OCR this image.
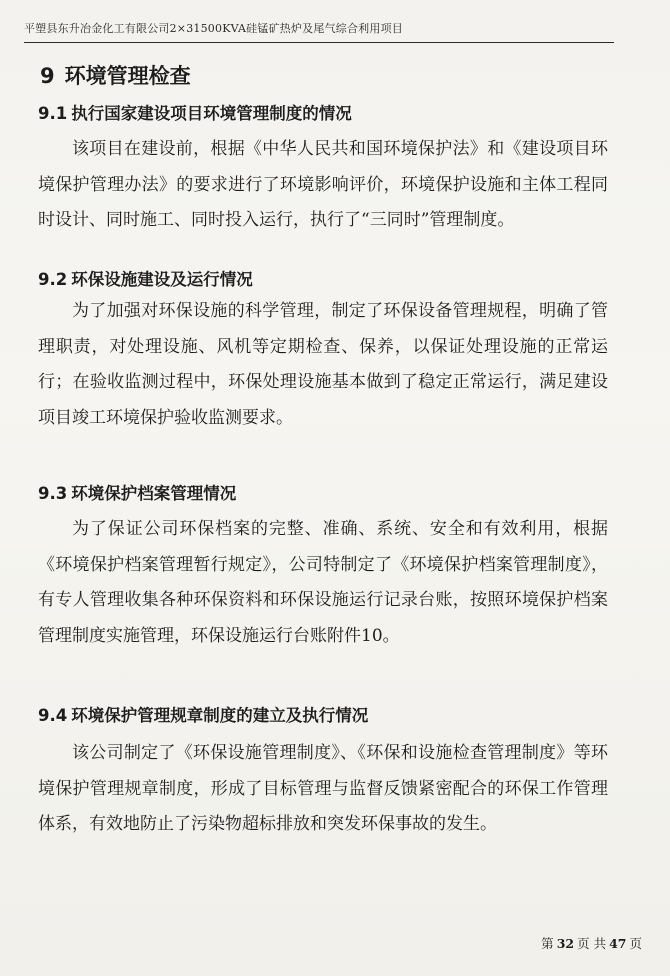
平塑县东升冶金化工有限公司2×31500KVA硅锰矿热炉及尾气综合利用项目
9 环境管理检查
9.1 执行国家建设项目环境管理制度的情况
该项目在建设前，根据《中华人民共和国环境保护法》和《建设项目环境保护管理办法》的要求进行了环境影响评价，环境保护设施和主体工程同时设计、同时施工、同时投入运行，执行了“三同时”管理制度。
9.2 环保设施建设及运行情况
为了加强对环保设施的科学管理，制定了环保设备管理规程，明确了管理职责，对处理设施、风机等定期检查、保养，以保证处理设施的正常运行；在验收监测过程中，环保处理设施基本做到了稳定正常运行，满足建设项目竣工环境保护验收监测要求。
9.3 环境保护档案管理情况
为了保证公司环保档案的完整、准确、系统、安全和有效利用，根据《环境保护档案管理暂行规定》，公司特制定了《环境保护档案管理制度》，有专人管理收集各种环保资料和环保设施运行记录台账，按照环境保护档案管理制度实施管理，环保设施运行台账附件10。
9.4 环境保护管理规章制度的建立及执行情况
该公司制定了《环保设施管理制度》、《环保和设施检查管理制度》等环境保护管理规章制度，形成了目标管理与监督反馈紧密配合的环保工作管理体系，有效地防止了污染物超标排放和突发环保事故的发生。
第 32 页 共 47 页
